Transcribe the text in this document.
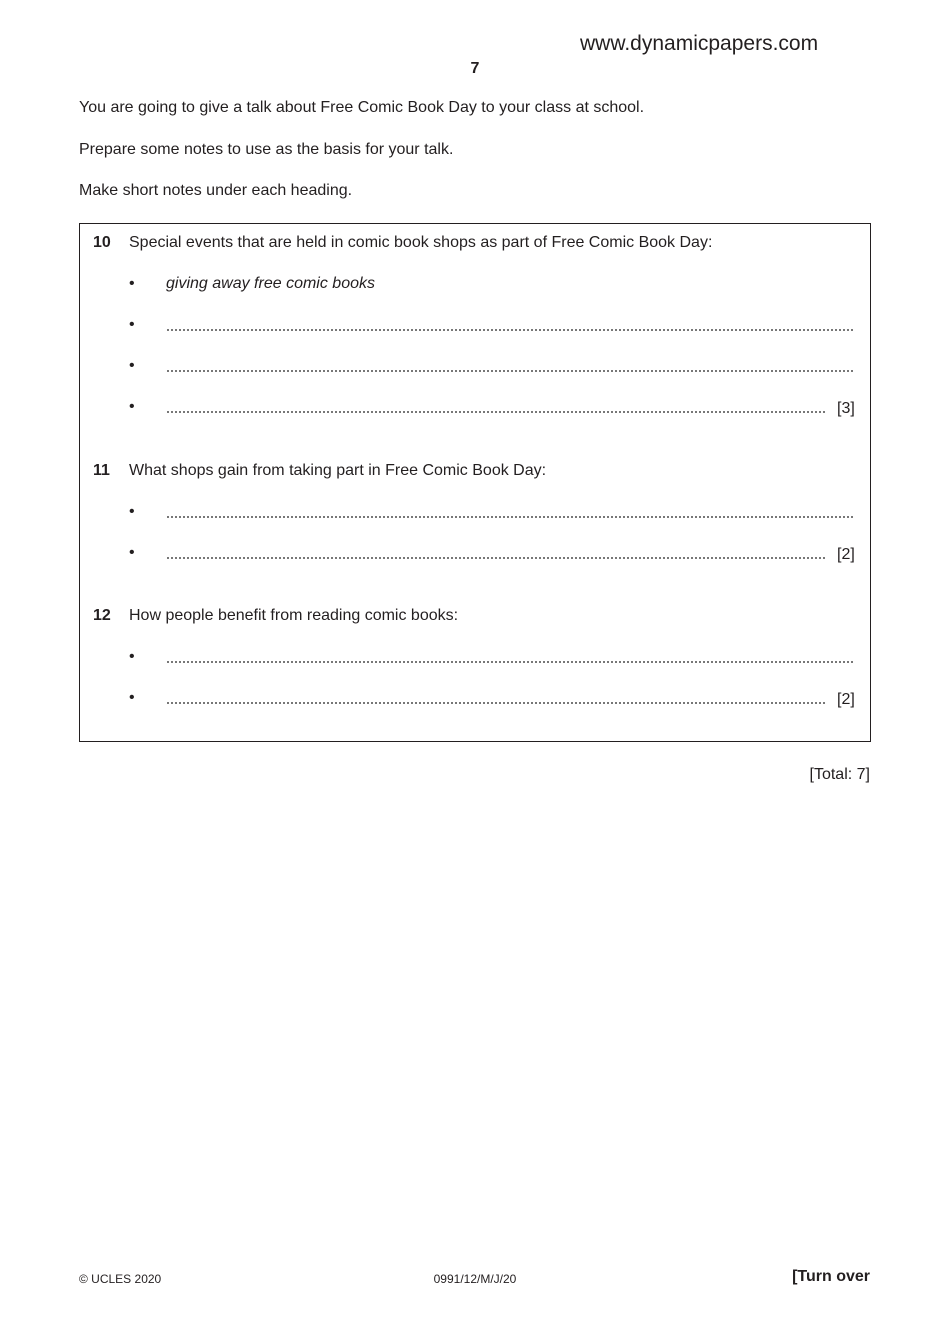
www.dynamicpapers.com
7
You are going to give a talk about Free Comic Book Day to your class at school.
Prepare some notes to use as the basis for your talk.
Make short notes under each heading.
10 Special events that are held in comic book shops as part of Free Comic Book Day:
• giving away free comic books
•
•
•	[3]
11 What shops gain from taking part in Free Comic Book Day:
•
•	[2]
12 How people benefit from reading comic books:
•
•	[2]
[Total: 7]
© UCLES 2020	0991/12/M/J/20	[Turn over
